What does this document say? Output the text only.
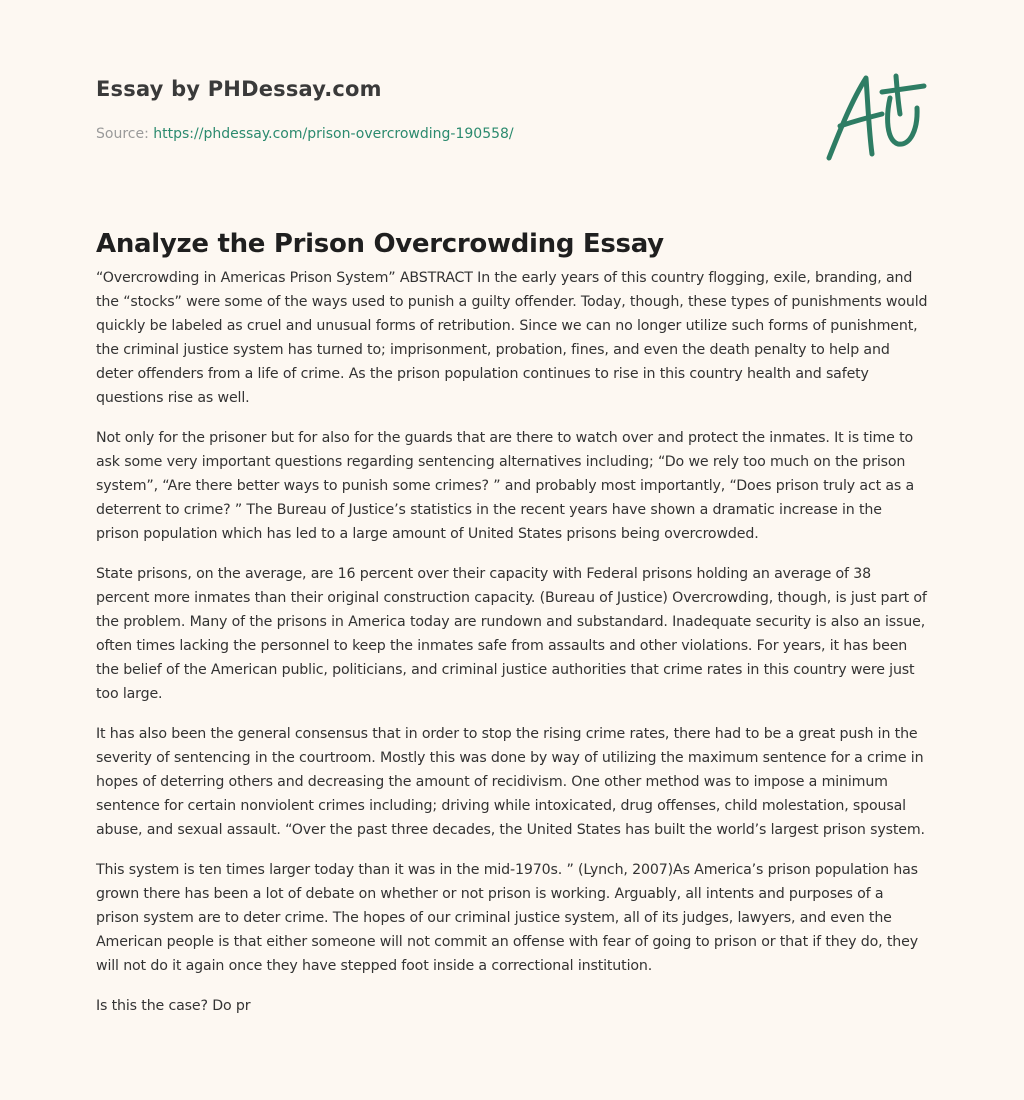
Essay by PHDessay.com
Source: https://phdessay.com/prison-overcrowding-190558/
Analyze the Prison Overcrowding Essay

“Overcrowding in Americas Prison System” ABSTRACT In the early years of this country flogging, exile, branding, and the “stocks” were some of the ways used to punish a guilty offender. Today, though, these types of punishments would quickly be labeled as cruel and unusual forms of retribution. Since we can no longer utilize such forms of punishment, the criminal justice system has turned to; imprisonment, probation, fines, and even the death penalty to help and deter offenders from a life of crime. As the prison population continues to rise in this country health and safety questions rise as well.

Not only for the prisoner but for also for the guards that are there to watch over and protect the inmates. It is time to ask some very important questions regarding sentencing alternatives including; “Do we rely too much on the prison system”, “Are there better ways to punish some crimes? ” and probably most importantly, “Does prison truly act as a deterrent to crime? ” The Bureau of Justice’s statistics in the recent years have shown a dramatic increase in the prison population which has led to a large amount of United States prisons being overcrowded.

State prisons, on the average, are 16 percent over their capacity with Federal prisons holding an average of 38 percent more inmates than their original construction capacity. (Bureau of Justice) Overcrowding, though, is just part of the problem. Many of the prisons in America today are rundown and substandard. Inadequate security is also an issue, often times lacking the personnel to keep the inmates safe from assaults and other violations. For years, it has been the belief of the American public, politicians, and criminal justice authorities that crime rates in this country were just too large.

It has also been the general consensus that in order to stop the rising crime rates, there had to be a great push in the severity of sentencing in the courtroom. Mostly this was done by way of utilizing the maximum sentence for a crime in hopes of deterring others and decreasing the amount of recidivism. One other method was to impose a minimum sentence for certain nonviolent crimes including; driving while intoxicated, drug offenses, child molestation, spousal abuse, and sexual assault. “Over the past three decades, the United States has built the world’s largest prison system.

This system is ten times larger today than it was in the mid-1970s. ” (Lynch, 2007)As America’s prison population has grown there has been a lot of debate on whether or not prison is working. Arguably, all intents and purposes of a prison system are to deter crime. The hopes of our criminal justice system, all of its judges, lawyers, and even the American people is that either someone will not commit an offense with fear of going to prison or that if they do, they will not do it again once they have stepped foot inside a correctional institution.

Is this the case? Do pr
